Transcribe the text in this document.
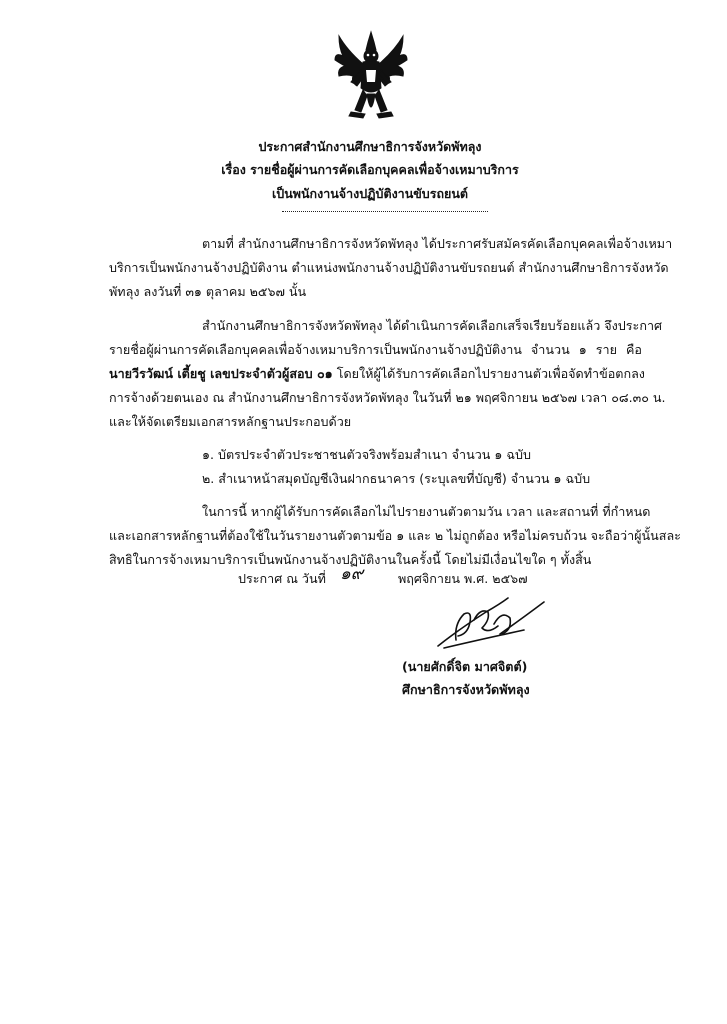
ประกาศสำนักงานศึกษาธิการจังหวัดพัทลุง
เรื่อง รายชื่อผู้ผ่านการคัดเลือกบุคคลเพื่อจ้างเหมาบริการ
เป็นพนักงานจ้างปฏิบัติงานขับรถยนต์
ตามที่ สำนักงานศึกษาธิการจังหวัดพัทลุง ได้ประกาศรับสมัครคัดเลือกบุคคลเพื่อจ้างเหมา
บริการเป็นพนักงานจ้างปฏิบัติงาน ตำแหน่งพนักงานจ้างปฏิบัติงานขับรถยนต์ สำนักงานศึกษาธิการจังหวัด
พัทลุง ลงวันที่ ๓๑ ตุลาคม ๒๕๖๗ นั้น
สำนักงานศึกษาธิการจังหวัดพัทลุง ได้ดำเนินการคัดเลือกเสร็จเรียบร้อยแล้ว จึงประกาศ
รายชื่อผู้ผ่านการคัดเลือกบุคคลเพื่อจ้างเหมาบริการเป็นพนักงานจ้างปฏิบัติงาน จำนวน ๑ ราย คือ
นายวีรวัฒน์ เตี้ยชู เลขประจำตัวผู้สอบ ๐๑ โดยให้ผู้ได้รับการคัดเลือกไปรายงานตัวเพื่อจัดทำข้อตกลง
การจ้างด้วยตนเอง ณ สำนักงานศึกษาธิการจังหวัดพัทลุง ในวันที่ ๒๑ พฤศจิกายน ๒๕๖๗ เวลา ๐๘.๓๐ น.
และให้จัดเตรียมเอกสารหลักฐานประกอบด้วย
๑. บัตรประจำตัวประชาชนตัวจริงพร้อมสำเนา จำนวน ๑ ฉบับ
๒. สำเนาหน้าสมุดบัญชีเงินฝากธนาคาร (ระบุเลขที่บัญชี) จำนวน ๑ ฉบับ
ในการนี้ หากผู้ได้รับการคัดเลือกไม่ไปรายงานตัวตามวัน เวลา และสถานที่ ที่กำหนด
และเอกสารหลักฐานที่ต้องใช้ในวันรายงานตัวตามข้อ ๑ และ ๒ ไม่ถูกต้อง หรือไม่ครบถ้วน จะถือว่าผู้นั้นสละ
สิทธิในการจ้างเหมาบริการเป็นพนักงานจ้างปฏิบัติงานในครั้งนี้ โดยไม่มีเงื่อนไขใด ๆ ทั้งสิ้น
ประกาศ ณ วันที่ ๑๙	พฤศจิกายน พ.ศ. ๒๕๖๗
(นายศักดิ์จิต มาศจิตต์)
ศึกษาธิการจังหวัดพัทลุง
